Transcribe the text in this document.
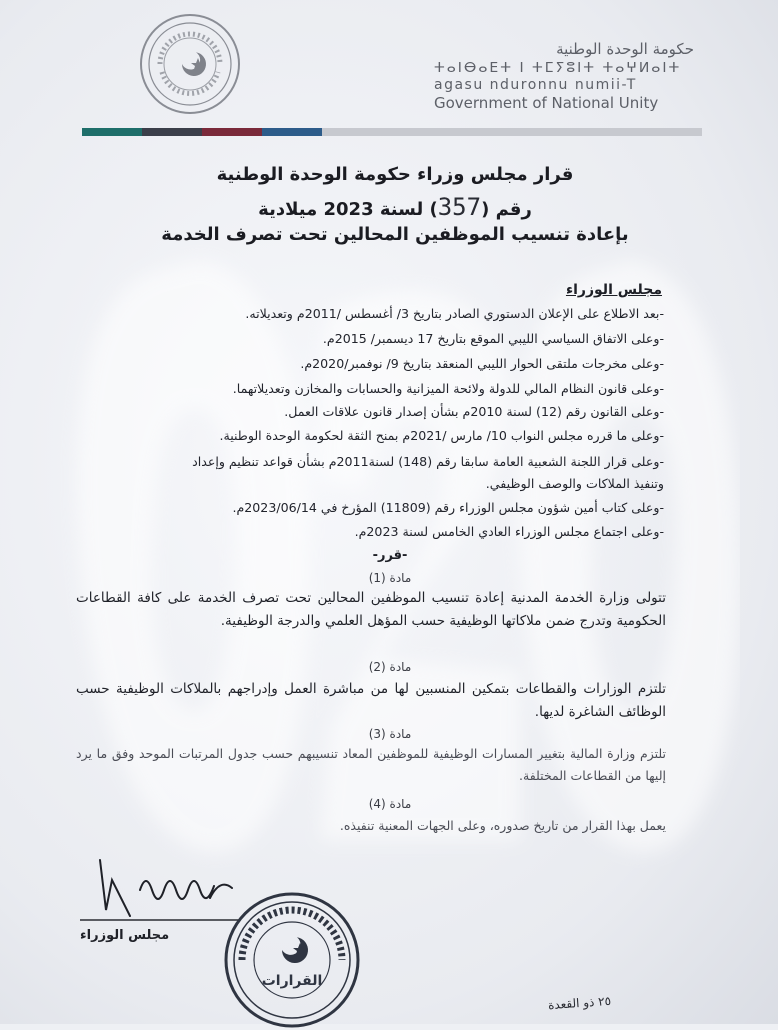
حكومة الوحدة الوطنية
ⵜⴰⵏⴱⴰⴹⵜ ⵏ ⵜⵎⵢⵓⵏⵜ ⵜⴰⵖⵍⴰⵏⵜ
agasu nduronnu numii-T
Government of National Unity
قرار مجلس وزراء حكومة الوحدة الوطنية
رقم (357) لسنة 2023 ميلادية
بإعادة تنسيب الموظفين المحالين تحت تصرف الخدمة
مجلس الوزراء
-بعد الاطلاع على الإعلان الدستوري الصادر بتاريخ 3/ أغسطس /2011م وتعديلاته.
-وعلى الاتفاق السياسي الليبي الموقع بتاريخ 17 ديسمبر/ 2015م.
-وعلى مخرجات ملتقى الحوار الليبي المنعقد بتاريخ 9/ نوفمبر/2020م.
-وعلى قانون النظام المالي للدولة ولائحة الميزانية والحسابات والمخازن وتعديلاتهما.
-وعلى القانون رقم (12) لسنة 2010م بشأن إصدار قانون علاقات العمل.
-وعلى ما قرره مجلس النواب 10/ مارس /2021م بمنح الثقة لحكومة الوحدة الوطنية.
-وعلى قرار اللجنة الشعبية العامة سابقا رقم (148) لسنة2011م بشأن قواعد تنظيم وإعداد
وتنفيذ الملاكات والوصف الوظيفي.
-وعلى كتاب أمين شؤون مجلس الوزراء رقم (11809) المؤرخ في 2023/06/14م.
-وعلى اجتماع مجلس الوزراء العادي الخامس لسنة 2023م.
-قرر-
مادة (1)
تتولى وزارة الخدمة المدنية إعادة تنسيب الموظفين المحالين تحت تصرف الخدمة على كافة القطاعات الحكومية وتدرج ضمن ملاكاتها الوظيفية حسب المؤهل العلمي والدرجة الوظيفية.
مادة (2)
تلتزم الوزارات والقطاعات بتمكين المنسبين لها من مباشرة العمل وإدراجهم بالملاكات الوظيفية حسب الوظائف الشاغرة لديها.
مادة (3)
تلتزم وزارة المالية بتغيير المسارات الوظيفية للموظفين المعاد تنسيبهم حسب جدول المرتبات الموحد وفق ما يرد إليها من القطاعات المختلفة.
مادة (4)
يعمل بهذا القرار من تاريخ صدوره، وعلى الجهات المعنية تنفيذه.
مجلس الوزراء
القرارات
٢٥ ذو القعدة
